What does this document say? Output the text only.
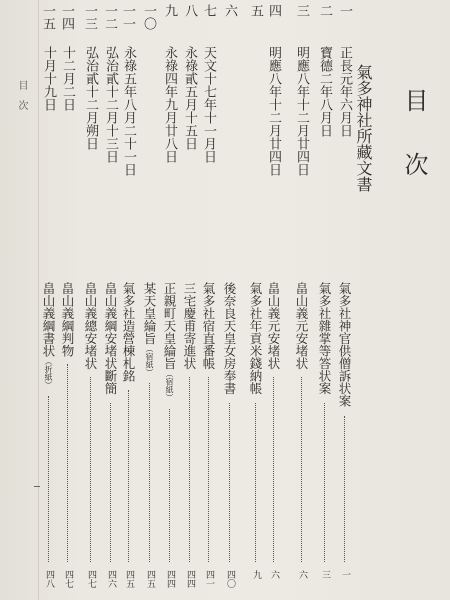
目　次	目次
氣多神社所藏文書
一
正長元年六月日
氣多社神官供僧訴状案
一
二
寶德二年八月日
氣多社雜掌等答状案
三
三
明應八年十二月廿四日
畠山義元安堵状
六
四
明應八年十二月廿四日
畠山義元安堵状
六
五
氣多社年貢米錢納帳
九
六
後奈良天皇女房奉書
四〇
七
天文十七年十一月日
氣多社宿直番帳
四一
八
永祿貳五月十五日
三宅慶甫寄進状
四四
九
永祿四年九月廿八日
正親町天皇綸旨（宿紙）
四四
一〇
某天皇綸旨（宿紙）
四五
一一
永祿五年八月二十一日
氣多社造營棟札銘
四五
一二
弘治貳十二月十三日
畠山義綱安堵状斷簡
四六
一三
弘治貳十二月朔日
畠山義總安堵状
四七
一四
十二月二日
畠山義綱判物
四七
一五
十月十九日
畠山義綱書状（折紙）
四八
